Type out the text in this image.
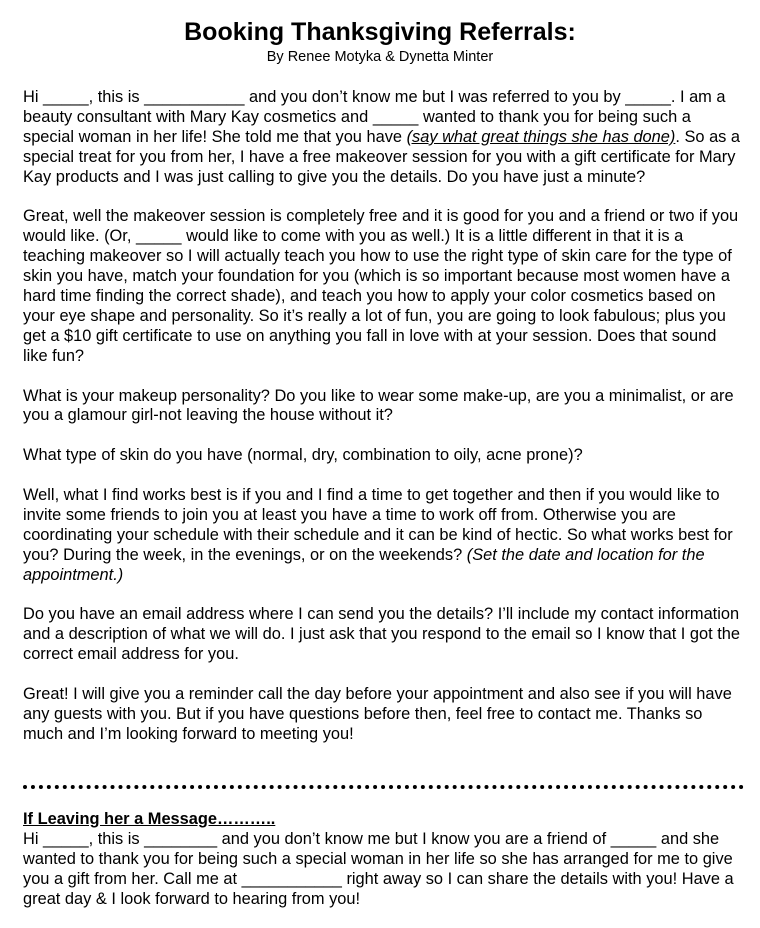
Booking Thanksgiving Referrals:
By Renee Motyka & Dynetta Minter

Hi _____, this is ___________ and you don’t know me but I was referred to you by _____. I am a beauty consultant with Mary Kay cosmetics and _____ wanted to thank you for being such a special woman in her life! She told me that you have (say what great things she has done). So as a special treat for you from her, I have a free makeover session for you with a gift certificate for Mary Kay products and I was just calling to give you the details. Do you have just a minute?

Great, well the makeover session is completely free and it is good for you and a friend or two if you would like. (Or, _____ would like to come with you as well.) It is a little different in that it is a teaching makeover so I will actually teach you how to use the right type of skin care for the type of skin you have, match your foundation for you (which is so important because most women have a hard time finding the correct shade), and teach you how to apply your color cosmetics based on your eye shape and personality. So it’s really a lot of fun, you are going to look fabulous; plus you get a $10 gift certificate to use on anything you fall in love with at your session. Does that sound like fun?

What is your makeup personality? Do you like to wear some make-up, are you a minimalist, or are you a glamour girl-not leaving the house without it?

What type of skin do you have (normal, dry, combination to oily, acne prone)?

Well, what I find works best is if you and I find a time to get together and then if you would like to invite some friends to join you at least you have a time to work off from. Otherwise you are coordinating your schedule with their schedule and it can be kind of hectic. So what works best for you? During the week, in the evenings, or on the weekends? (Set the date and location for the appointment.)

Do you have an email address where I can send you the details? I’ll include my contact information and a description of what we will do. I just ask that you respond to the email so I know that I got the correct email address for you.

Great! I will give you a reminder call the day before your appointment and also see if you will have any guests with you. But if you have questions before then, feel free to contact me. Thanks so much and I’m looking forward to meeting you!

If Leaving her a Message………..
Hi _____, this is ________ and you don’t know me but I know you are a friend of _____ and she wanted to thank you for being such a special woman in her life so she has arranged for me to give you a gift from her. Call me at ___________ right away so I can share the details with you! Have a great day & I look forward to hearing from you!
